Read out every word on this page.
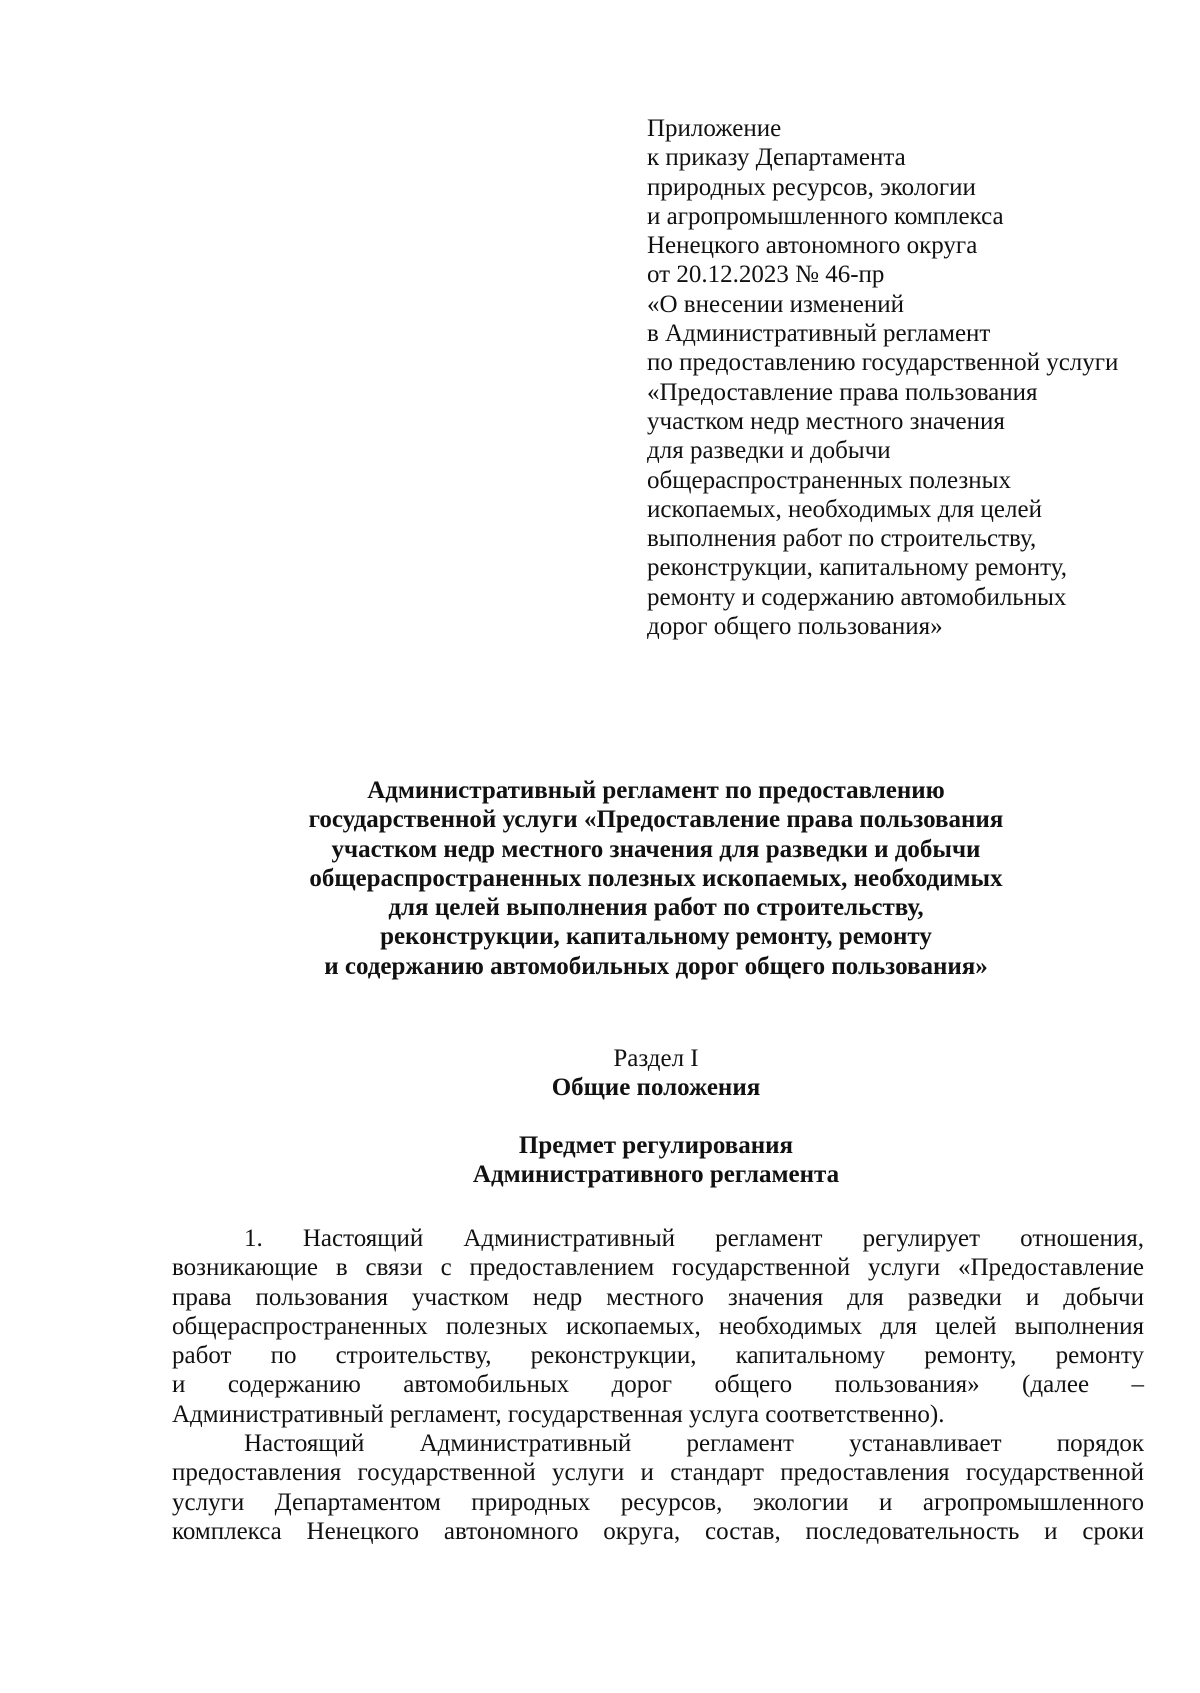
Приложение
к приказу Департамента
природных ресурсов, экологии
и агропромышленного комплекса
Ненецкого автономного округа
от 20.12.2023 № 46-пр
«О внесении изменений
в Административный регламент
по предоставлению государственной услуги
«Предоставление права пользования
участком недр местного значения
для разведки и добычи
общераспространенных полезных
ископаемых, необходимых для целей
выполнения работ по строительству,
реконструкции, капитальному ремонту,
ремонту и содержанию автомобильных
дорог общего пользования»
Административный регламент по предоставлению
государственной услуги «Предоставление права пользования
участком недр местного значения для разведки и добычи
общераспространенных полезных ископаемых, необходимых
для целей выполнения работ по строительству,
реконструкции, капитальному ремонту, ремонту
и содержанию автомобильных дорог общего пользования»
Раздел I
Общие положения
Предмет регулирования
Административного регламента
1. Настоящий Административный регламент регулирует отношения,
возникающие в связи с предоставлением государственной услуги «Предоставление
права пользования участком недр местного значения для разведки и добычи
общераспространенных полезных ископаемых, необходимых для целей выполнения
работ по строительству, реконструкции, капитальному ремонту, ремонту
и содержанию автомобильных дорог общего пользования» (далее –
Административный регламент, государственная услуга соответственно).
Настоящий Административный регламент устанавливает порядок
предоставления государственной услуги и стандарт предоставления государственной
услуги Департаментом природных ресурсов, экологии и агропромышленного
комплекса Ненецкого автономного округа, состав, последовательность и сроки
